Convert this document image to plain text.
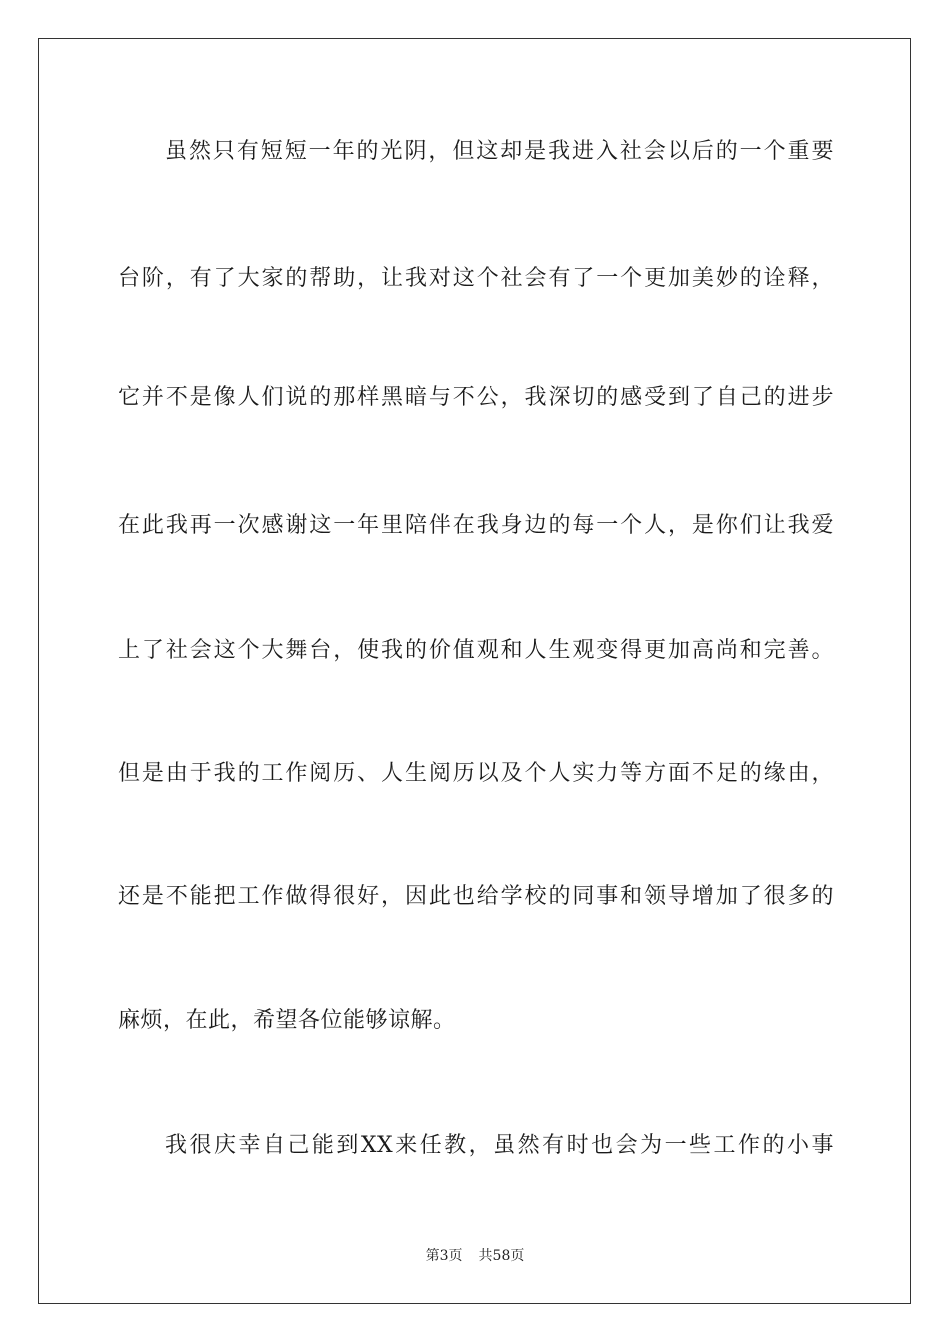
虽然只有短短一年的光阴，但这却是我进入社会以后的一个重要
台阶，有了大家的帮助，让我对这个社会有了一个更加美妙的诠释，
它并不是像人们说的那样黑暗与不公，我深切的感受到了自己的进步
在此我再一次感谢这一年里陪伴在我身边的每一个人，是你们让我爱
上了社会这个大舞台，使我的价值观和人生观变得更加高尚和完善。
但是由于我的工作阅历、人生阅历以及个人实力等方面不足的缘由，
还是不能把工作做得很好，因此也给学校的同事和领导增加了很多的
麻烦，在此，希望各位能够谅解。
我很庆幸自己能到XX来任教，虽然有时也会为一些工作的小事
第3页 共58页
